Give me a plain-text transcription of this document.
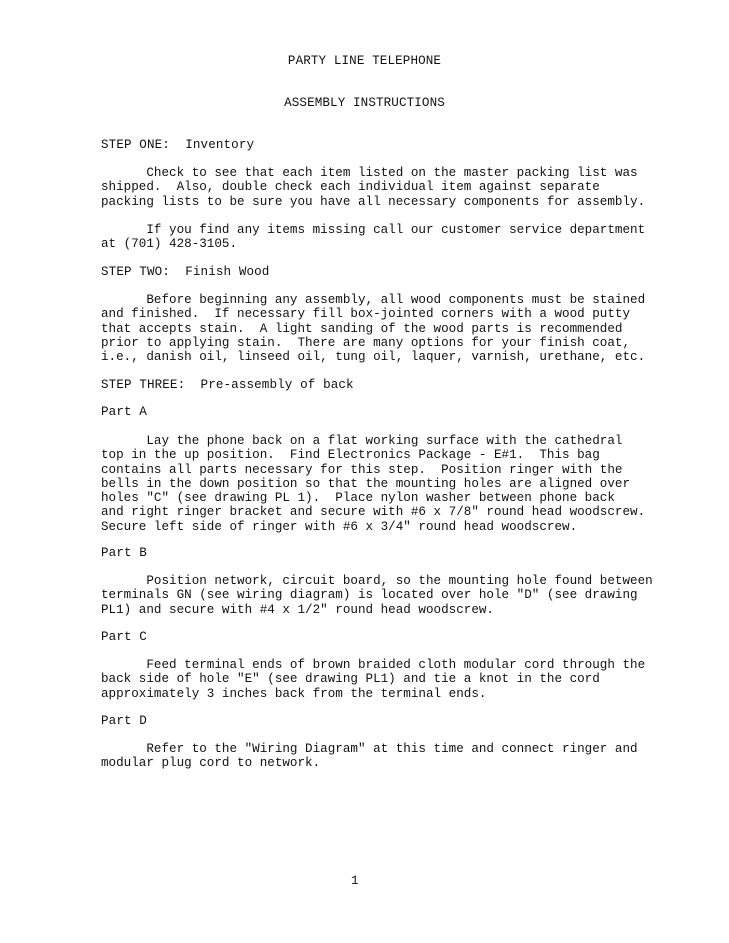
PARTY LINE TELEPHONE
ASSEMBLY INSTRUCTIONS
STEP ONE:  Inventory
Check to see that each item listed on the master packing list was
shipped.  Also, double check each individual item against separate
packing lists to be sure you have all necessary components for assembly.
If you find any items missing call our customer service department
at (701) 428-3105.
STEP TWO:  Finish Wood
Before beginning any assembly, all wood components must be stained
and finished.  If necessary fill box-jointed corners with a wood putty
that accepts stain.  A light sanding of the wood parts is recommended
prior to applying stain.  There are many options for your finish coat,
i.e., danish oil, linseed oil, tung oil, laquer, varnish, urethane, etc.
STEP THREE:  Pre-assembly of back
Part A
Lay the phone back on a flat working surface with the cathedral
top in the up position.  Find Electronics Package - E#1.  This bag
contains all parts necessary for this step.  Position ringer with the
bells in the down position so that the mounting holes are aligned over
holes "C" (see drawing PL 1).  Place nylon washer between phone back
and right ringer bracket and secure with #6 x 7/8" round head woodscrew.
Secure left side of ringer with #6 x 3/4" round head woodscrew.
Part B
Position network, circuit board, so the mounting hole found between
terminals GN (see wiring diagram) is located over hole "D" (see drawing
PL1) and secure with #4 x 1/2" round head woodscrew.
Part C
Feed terminal ends of brown braided cloth modular cord through the
back side of hole "E" (see drawing PL1) and tie a knot in the cord
approximately 3 inches back from the terminal ends.
Part D
Refer to the "Wiring Diagram" at this time and connect ringer and
modular plug cord to network.
1
